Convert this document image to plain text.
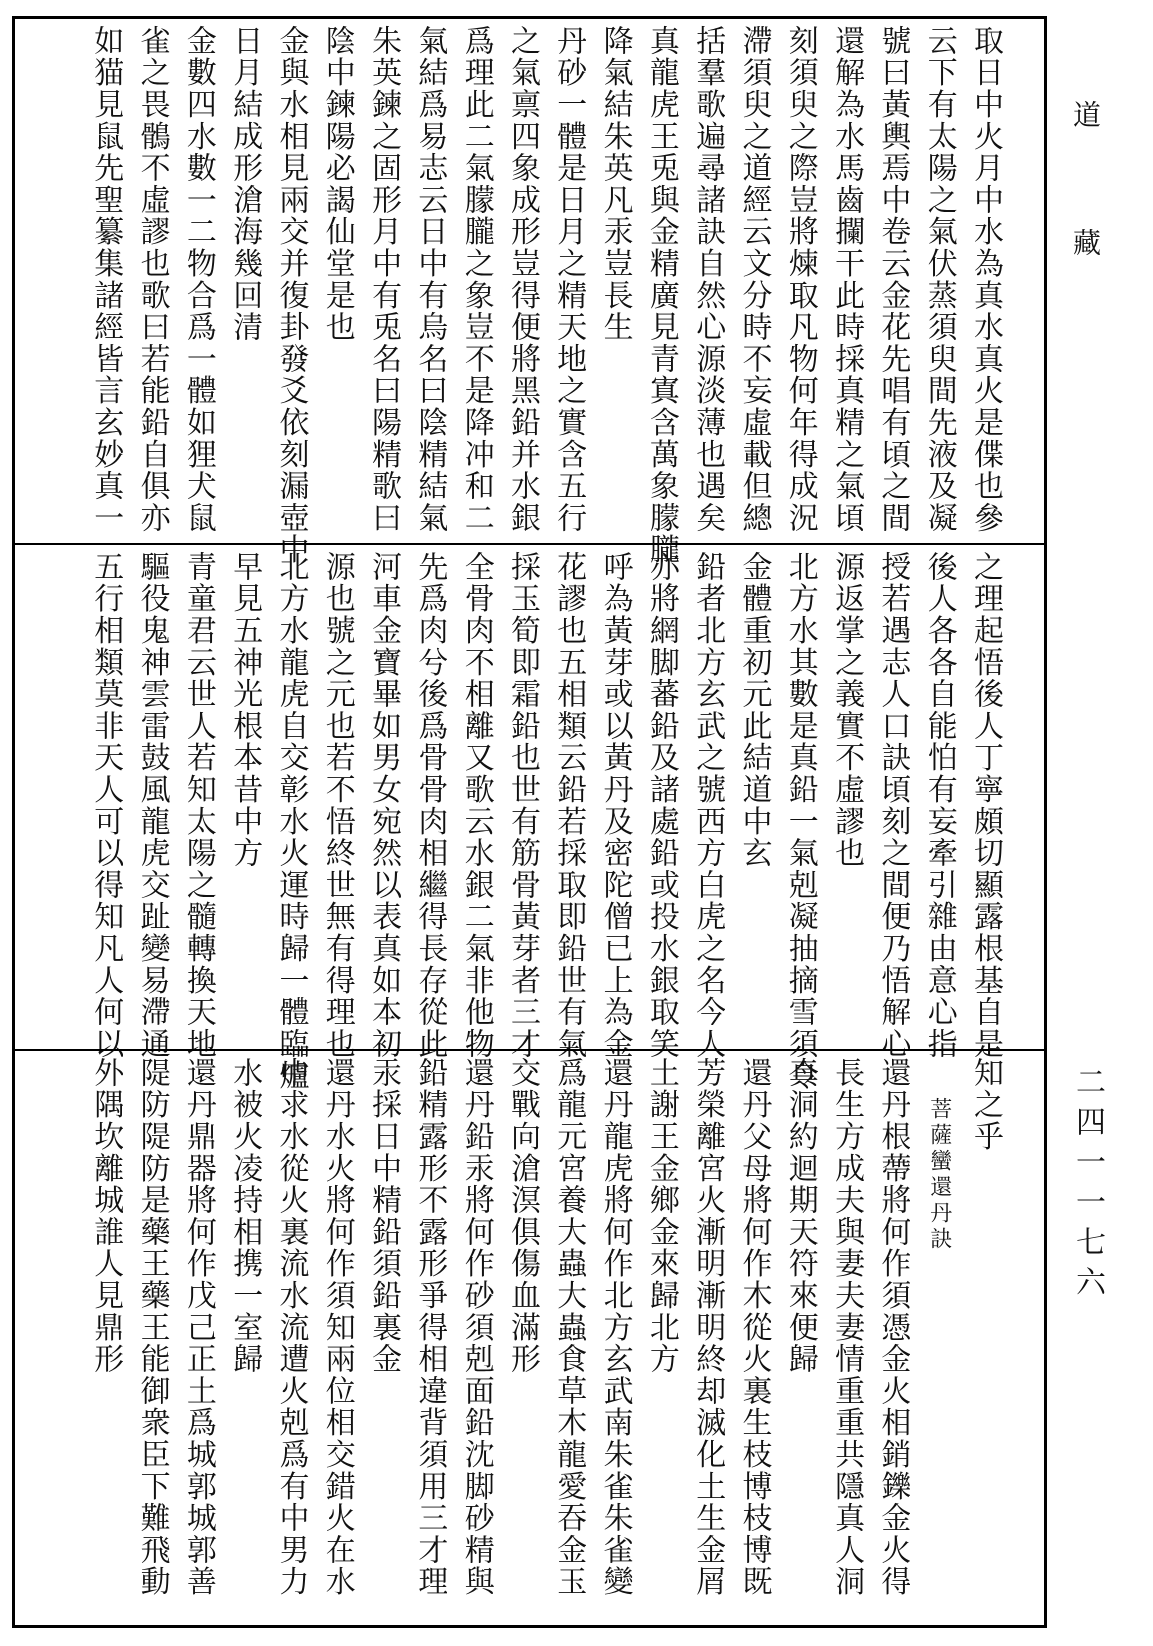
取日中火月中水為真水真火是偞也參
云下有太陽之氣伏蒸須臾間先液及凝
號曰黃輿焉中卷云金花先唱有頃之間
還解為水馬齒攔干此時採真精之氣頃
刻須臾之際豈將煉取凡物何年得成況
滯須臾之道經云文分時不妄虛載但總
括羣歌遍尋諸訣自然心源淡薄也遇矣
真龍虎王兎與金精廣見青寘含萬象朦朧
降氣結朱英凡汞豈長生
丹砂一體是日月之精天地之實含五行
之氣禀四象成形豈得便將黑鉛并水銀
爲理此二氣朦朧之象豈不是降冲和二
氣結爲易志云日中有烏名曰陰精結氣
朱英鍊之固形月中有兎名曰陽精歌曰
陰中鍊陽必謁仙堂是也
金與水相見兩交并復卦發爻依刻漏壺中
日月結成形滄海幾回清
金數四水數一二物合爲一體如狸犬鼠
雀之畏鶻不虛謬也歌曰若能鉛自俱亦
如猫見鼠先聖纂集諸經皆言玄妙真一
之理起悟後人丁寧頗切顯露根基自是
後人各各自能怕有妄牽引雜由意心指
授若遇志人口訣頃刻之間便乃悟解心
源返掌之義實不虛謬也
北方水其數是真鉛一氣剋凝抽摘雪須令
金體重初元此結道中玄
鉛者北方玄武之號西方白虎之名今人
亦將網脚蕃鉛及諸處鉛或投水銀取笑
呼為黃芽或以黃丹及密陀僧已上為金
花謬也五相類云鉛若採取即鉛世有氣
採玉筍即霜鉛也世有筋骨黃芽者三才
全骨肉不相離又歌云水銀二氣非他物
先爲肉兮後爲骨骨肉相繼得長存從此
河車金寶畢如男女宛然以表真如本初
源也號之元也若不悟終世無有得理也
北方水龍虎自交彰水火運時歸一體臨爐
早見五神光根本昔中方
青童君云世人若知太陽之髓轉換天地
驅役鬼神雲雷鼓風龍虎交趾變易滯通
五行相類莫非天人可以得知凡人何以
知之乎
菩薩蠻還丹訣
還丹根蔕將何作須憑金火相銷鑠金火得
長生方成夫與妻夫妻情重重共隱真人洞
真洞約迴期天符來便歸
還丹父母將何作木從火裏生枝博枝博既
芳榮離宮火漸明漸明終却滅化土生金屑
土謝王金鄉金來歸北方
還丹龍虎將何作北方玄武南朱雀朱雀變
爲龍元宮養大蟲大蟲食草木龍愛吞金玉
交戰向滄溟俱傷血滿形
還丹鉛汞將何作砂須剋面鉛沈脚砂精與
鉛精露形不露形爭得相違背須用三才理
汞採日中精鉛須鉛裏金
還丹水火將何作須知兩位相交錯火在水
中求水從火裏流水流遭火剋爲有中男力
水被火凌持相携一室歸
還丹鼎器將何作戊己正土爲城郭城郭善
隄防隄防是藥王藥王能御衆臣下難飛動
外隅坎離城誰人見鼎形
道藏
二四一一七六
